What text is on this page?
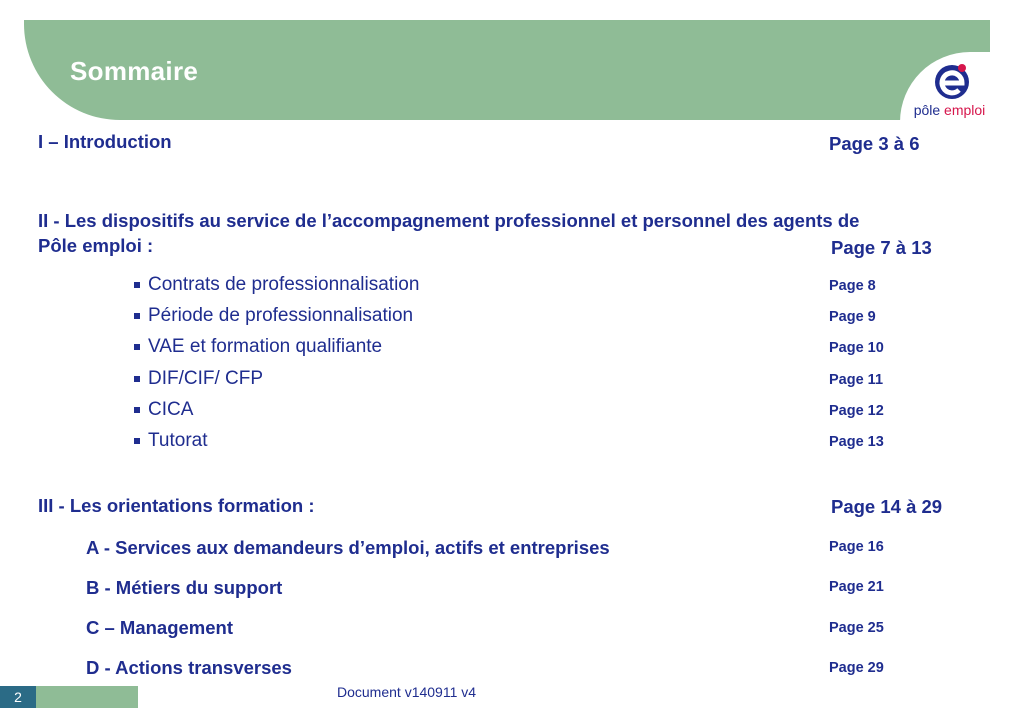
Sommaire
pôle emploi
I – Introduction	Page 3 à 6
II - Les dispositifs au service de l’accompagnement professionnel et personnel des agents de
Pôle emploi :	Page 7 à 13
Contrats de professionnalisation	Page 8
Période de professionnalisation	Page 9
VAE et formation qualifiante	Page 10
DIF/CIF/ CFP	Page 11
CICA	Page 12
Tutorat	Page 13
III - Les orientations formation :	Page 14 à 29
A - Services aux demandeurs d’emploi, actifs et entreprises	Page 16
B - Métiers du support	Page 21
C – Management	Page 25
D - Actions transverses	Page 29
2	Document v140911 v4
